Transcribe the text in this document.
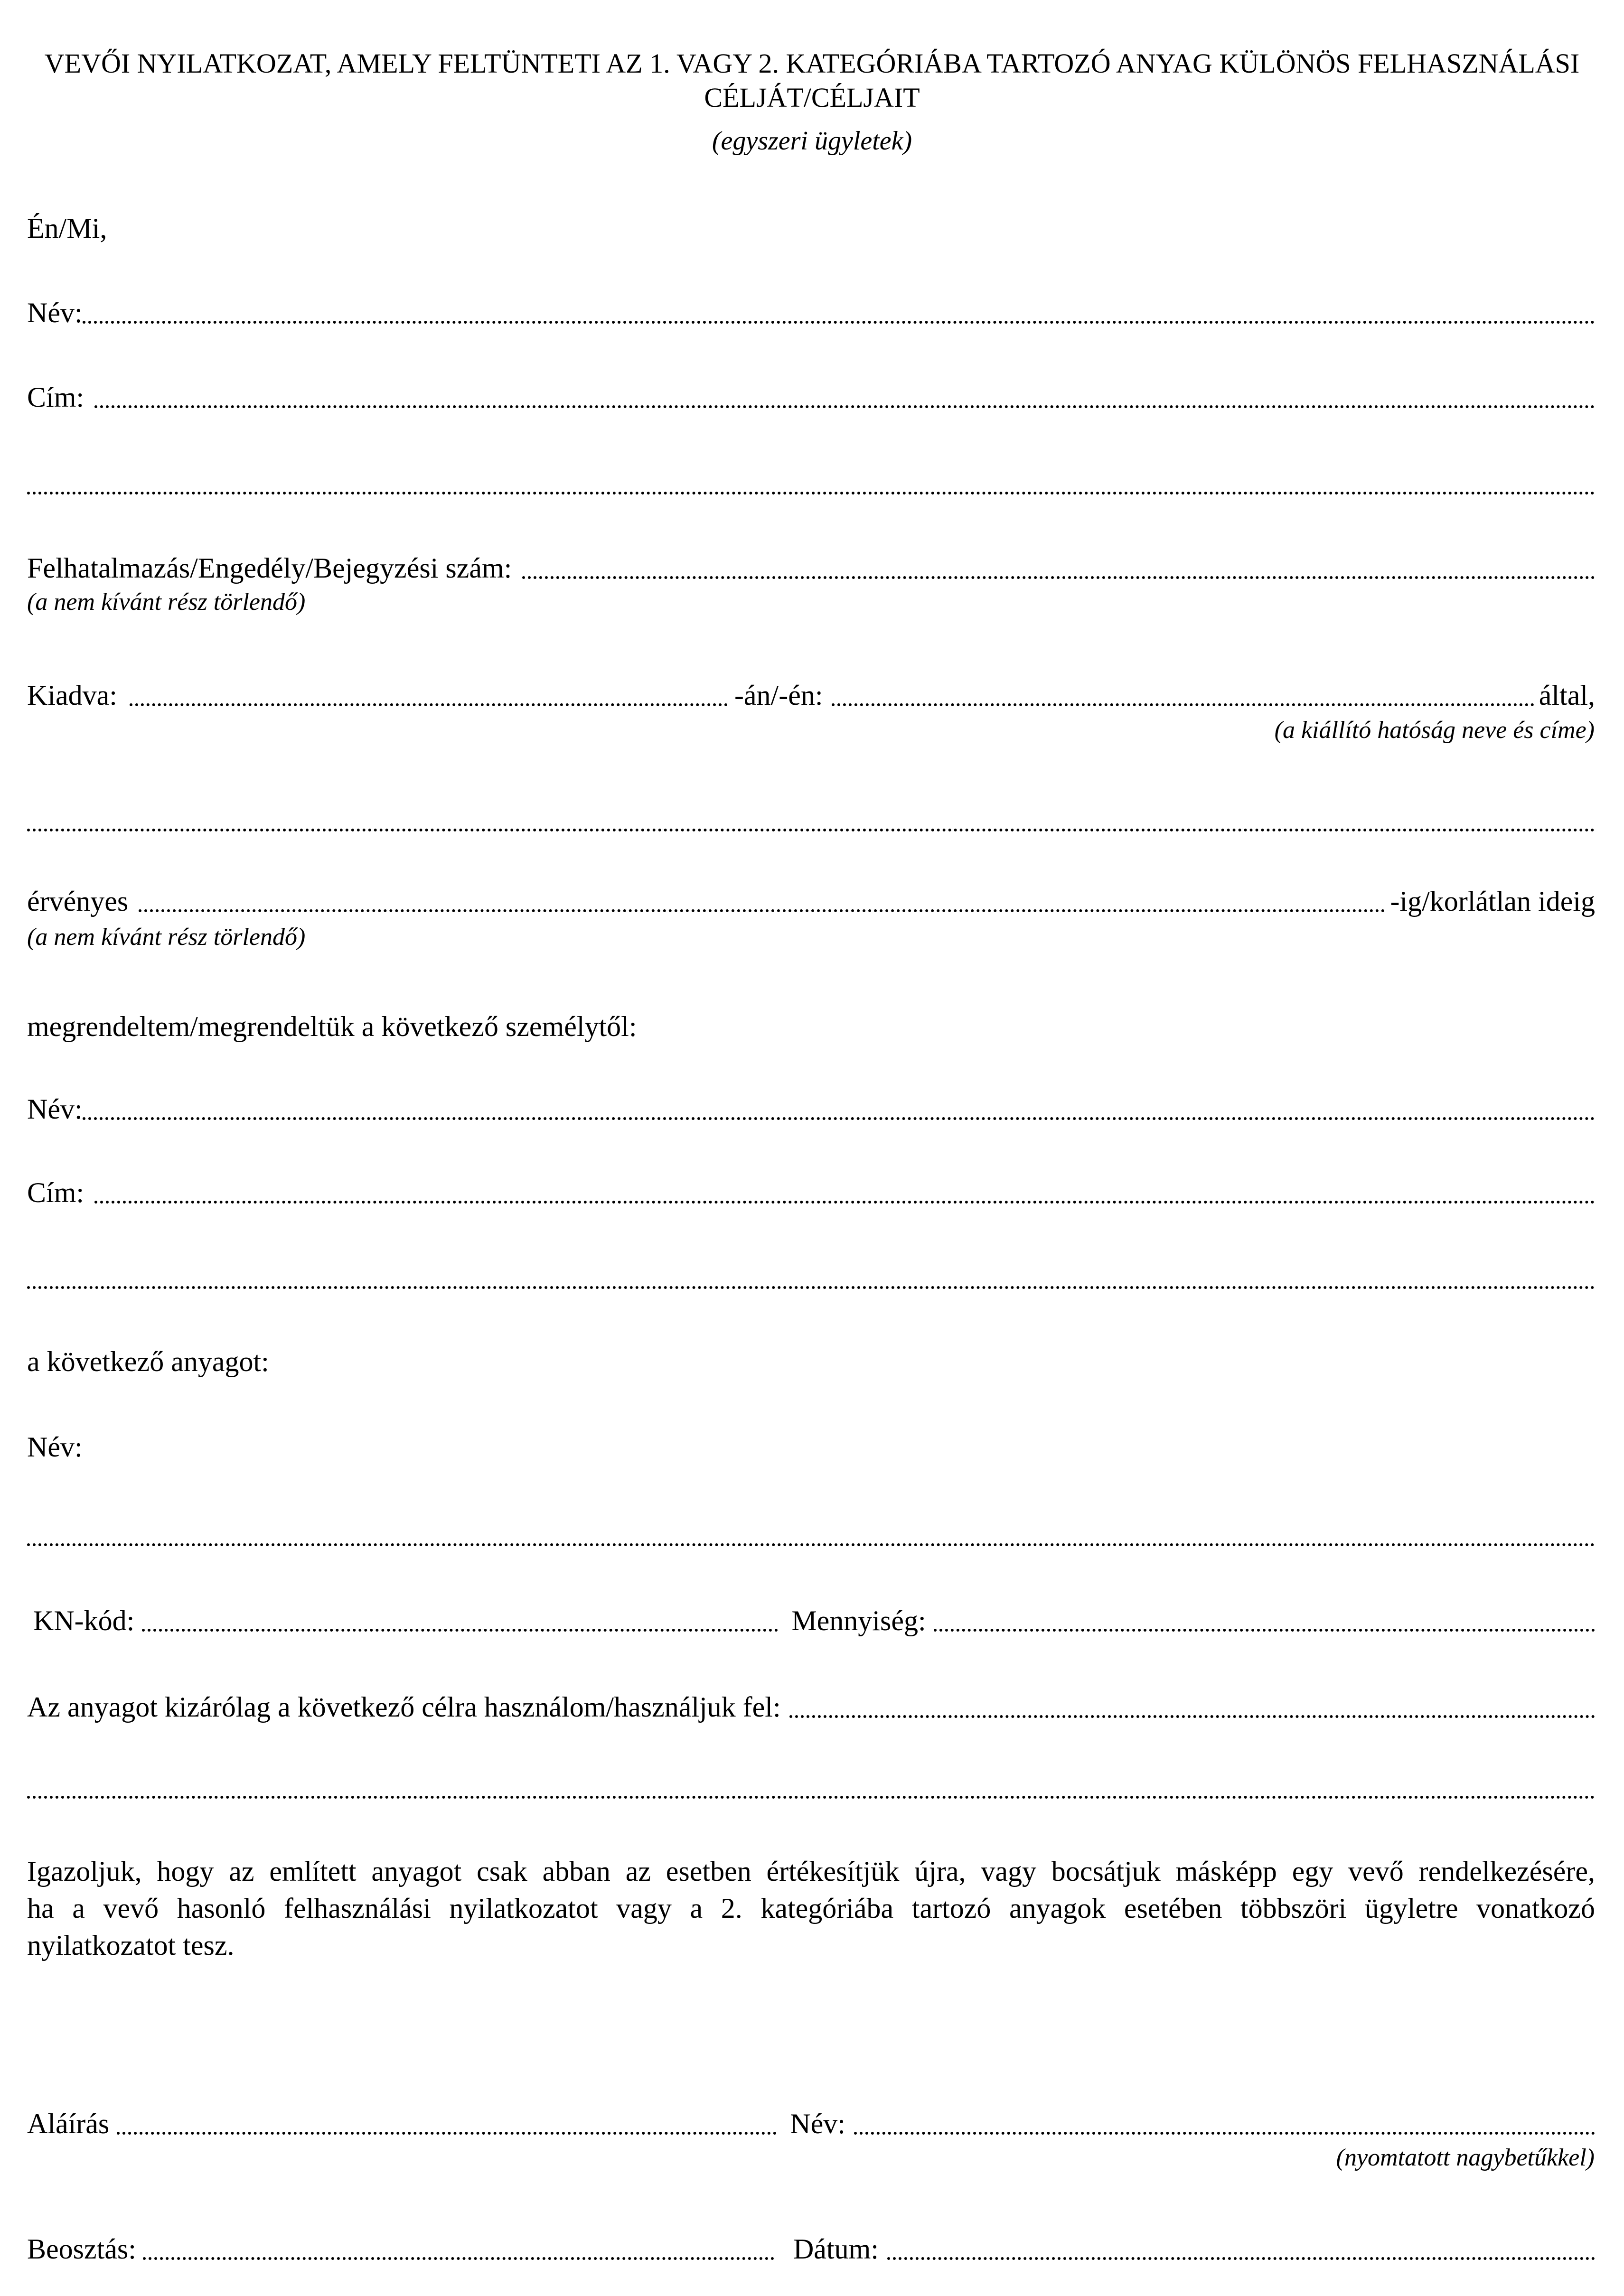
VEVŐI NYILATKOZAT, AMELY FELTÜNTETI AZ 1. VAGY 2. KATEGÓRIÁBA TARTOZÓ ANYAG KÜLÖNÖS FELHASZNÁLÁSI
CÉLJÁT/CÉLJAIT
(egyszeri ügyletek)
Én/Mi,
Név:
Cím:
Felhatalmazás/Engedély/Bejegyzési szám:
(a nem kívánt rész törlendő)
Kiadva:	-án/-én:	által,
(a kiállító hatóság neve és címe)
érvényes	-ig/korlátlan ideig
(a nem kívánt rész törlendő)
megrendeltem/megrendeltük a következő személytől:
Név:
Cím:
a következő anyagot:
Név:
KN-kód:	Mennyiség:
Az anyagot kizárólag a következő célra használom/használjuk fel:
Igazoljuk, hogy az említett anyagot csak abban az esetben értékesítjük újra, vagy bocsátjuk másképp egy vevő rendelkezésére,
ha a vevő hasonló felhasználási nyilatkozatot vagy a 2. kategóriába tartozó anyagok esetében többszöri ügyletre vonatkozó
nyilatkozatot tesz.
Aláírás	Név:
(nyomtatott nagybetűkkel)
Beosztás:	Dátum:
